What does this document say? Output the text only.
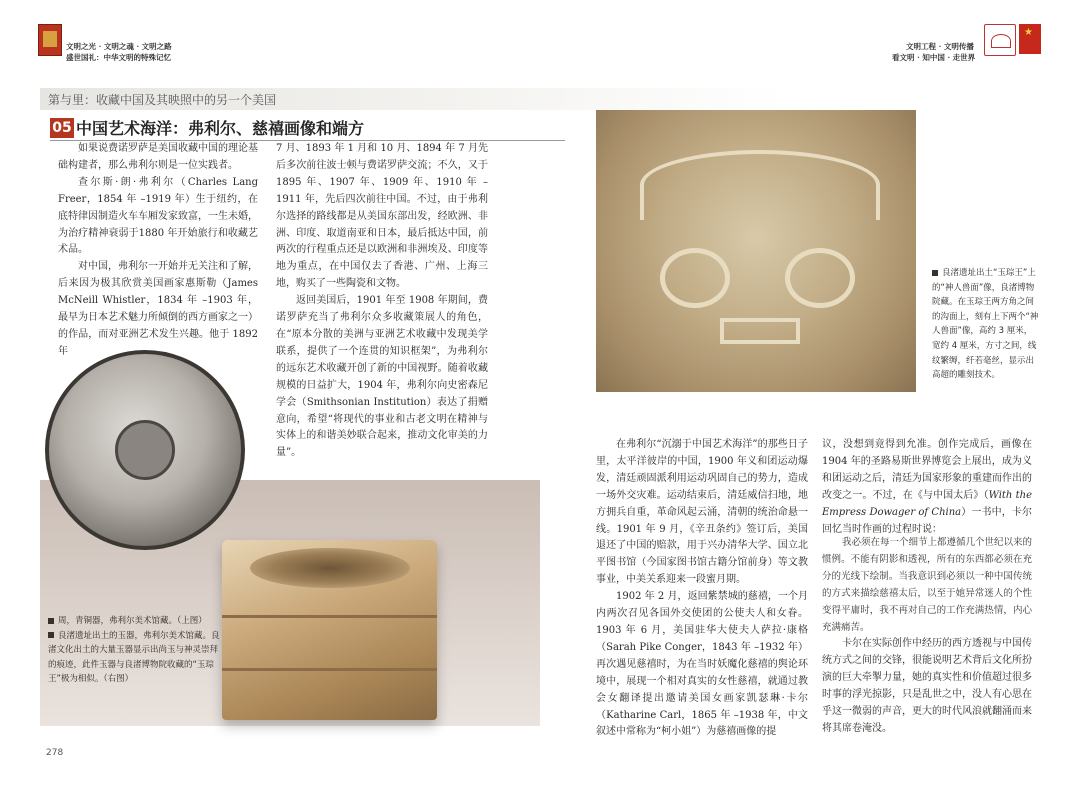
文明之光 · 文明之魂 · 文明之路
盛世国礼：中华文明的特殊记忆
文明工程 · 文明传播
看文明 · 知中国 · 走世界
★
第与里：收藏中国及其映照中的另一个美国
05 中国艺术海洋：弗利尔、慈禧画像和端方

如果说费诺罗萨是美国收藏中国的理论基础构建者，那么弗利尔则是一位实践者。

查尔斯·朗·弗利尔（Charles Lang Freer，1854 年 –1919 年）生于纽约，在底特律因制造火车车厢发家致富，一生未婚，为治疗精神衰弱于1880 年开始旅行和收藏艺术品。

对中国，弗利尔一开始并无关注和了解，后来因为极其欣赏美国画家惠斯勒（James McNeill Whistler，1834 年 –1903 年，最早为日本艺术魅力所倾倒的西方画家之一）的作品，而对亚洲艺术发生兴趣。他于 1892 年

7 月、1893 年 1 月和 10 月、1894 年 7 月先后多次前往波士顿与费诺罗萨交流；不久，又于 1895 年、1907 年、1909 年、1910 年 –1911 年，先后四次前往中国。不过，由于弗利尔选择的路线都是从美国东部出发，经欧洲、非洲、印度、取道南亚和日本，最后抵达中国，前两次的行程重点还是以欧洲和非洲埃及、印度等地为重点，在中国仅去了香港、广州、上海三地，购买了一些陶瓷和文物。

返回美国后，1901 年至 1908 年期间，费诺罗萨充当了弗利尔众多收藏策展人的角色，在“原本分散的美洲与亚洲艺术收藏中发现美学联系，提供了一个连贯的知识框架”，为弗利尔的远东艺术收藏开创了新的中国视野。随着收藏规模的日益扩大，1904 年，弗利尔向史密森尼学会（Smithsonian Institution）表达了捐赠意向，希望“将现代的事业和古老文明在精神与实体上的和谐美妙联合起来，推动文化审美的力量”。

周，青铜器，弗利尔美术馆藏。（上图）

良渚遗址出土的玉器，弗利尔美术馆藏。良渚文化出土的大量玉器显示出尚玉与神灵崇拜的痕迹，此件玉器与良渚博物院收藏的“玉琮王”极为相似。（右图）

良渚遗址出土“玉琮王”上的“神人兽面”像，良渚博物院藏。在玉琮王两方角之间的沟面上，刻有上下两个“神人兽面”像，高约 3 厘米，宽约 4 厘米，方寸之间，线纹繁缛，纤若毫丝，显示出高超的雕刻技术。

在弗利尔“沉溺于中国艺术海洋”的那些日子里，太平洋彼岸的中国，1900 年义和团运动爆发，清廷顽固派利用运动巩固自己的势力，造成一场外交灾难。运动结束后，清廷威信扫地，地方拥兵自重，革命风起云涌，清朝的统治命悬一线。1901 年 9 月，《辛丑条约》签订后，美国退还了中国的赔款，用于兴办清华大学、国立北平图书馆（今国家图书馆古籍分馆前身）等文教事业，中美关系迎来一段蜜月期。

1902 年 2 月，返回紫禁城的慈禧，一个月内两次召见各国外交使团的公使夫人和女眷。1903 年 6 月，美国驻华大使夫人萨拉·康格（Sarah Pike Conger，1843 年 –1932 年）再次遇见慈禧时，为在当时妖魔化慈禧的舆论环境中，展现一个相对真实的女性慈禧，就通过教会女翻译提出邀请美国女画家凯瑟琳·卡尔（Katharine Carl，1865 年 –1938 年，中文叙述中常称为“柯小姐”）为慈禧画像的提

议，没想到竟得到允准。创作完成后，画像在 1904 年的圣路易斯世界博览会上展出，成为义和团运动之后，清廷为国家形象的重建而作出的改变之一。不过，在《与中国太后》（With the Empress Dowager of China）一书中，卡尔回忆当时作画的过程时说：

我必须在每一个细节上都遵循几个世纪以来的惯例。不能有阴影和透视，所有的东西都必须在充分的光线下绘制。当我意识到必须以一种中国传统的方式来描绘慈禧太后，以至于她异常迷人的个性变得平庸时，我不再对自己的工作充满热情，内心充满痛苦。

卡尔在实际创作中经历的西方透视与中国传统方式之间的交锋，很能说明艺术背后文化所扮演的巨大牵掣力量，她的真实性和价值超过很多时事的浮光掠影，只是乱世之中，没人有心思在乎这一微弱的声音，更大的时代风浪就翻涌而来将其席卷淹没。

278
